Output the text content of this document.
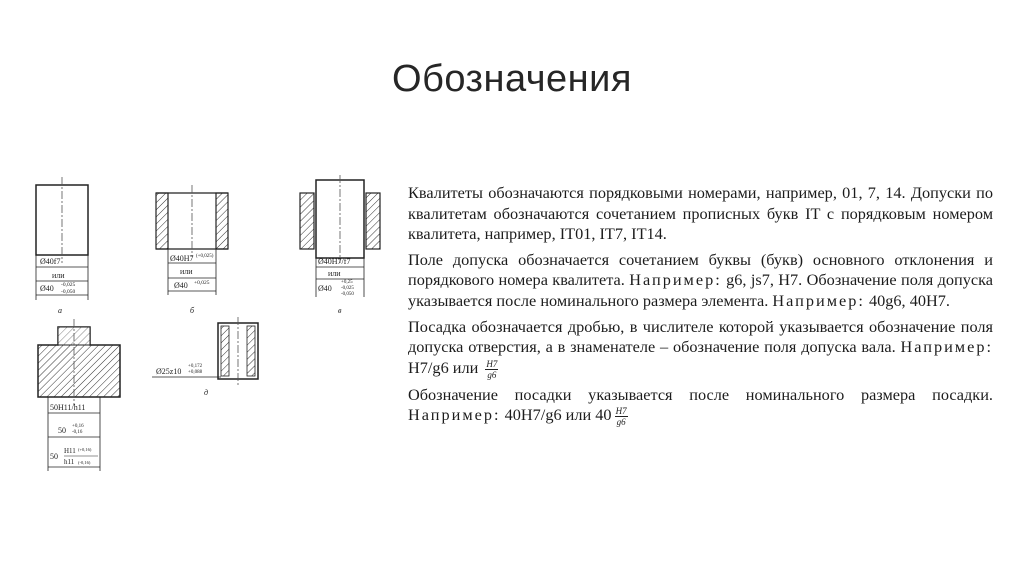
Обозначения
Ø40f7
или
Ø40 -0,025
-0,050
а
Ø40H7 (+0,025)
или
Ø40 +0,025
б
Ø40H7/f7
или
Ø40
+0,25
-0,025
-0,050
в
50H11/h11
50 +0,16
-0,16
50
H11 (+0,16)
h11 (-0,16)
Ø25z10
+0,172
+0,088
д

Квалитеты обозначаются порядковыми номерами, например, 01, 7, 14. Допуски по квалитетам обозначаются сочетанием прописных букв IT с порядковым номером квалитета, например, IT01, IT7, IT14.

Поле допуска обозначается сочетанием буквы (букв) основного отклонения и порядкового номера квалитета. Например: g6, js7, H7. Обозначение поля допуска указывается после номинального размера элемента. Например: 40g6, 40H7.

Посадка обозначается дробью, в числителе которой указывается обозначение поля допуска отверстия, а в знаменателе – обозначение поля допуска вала. Например: H7/g6 или $\frac{H7}{g6}$

Обозначение посадки указывается после номинального размера посадки. Например: 40H7/g6 или $40 \frac{H7}{g6}$
